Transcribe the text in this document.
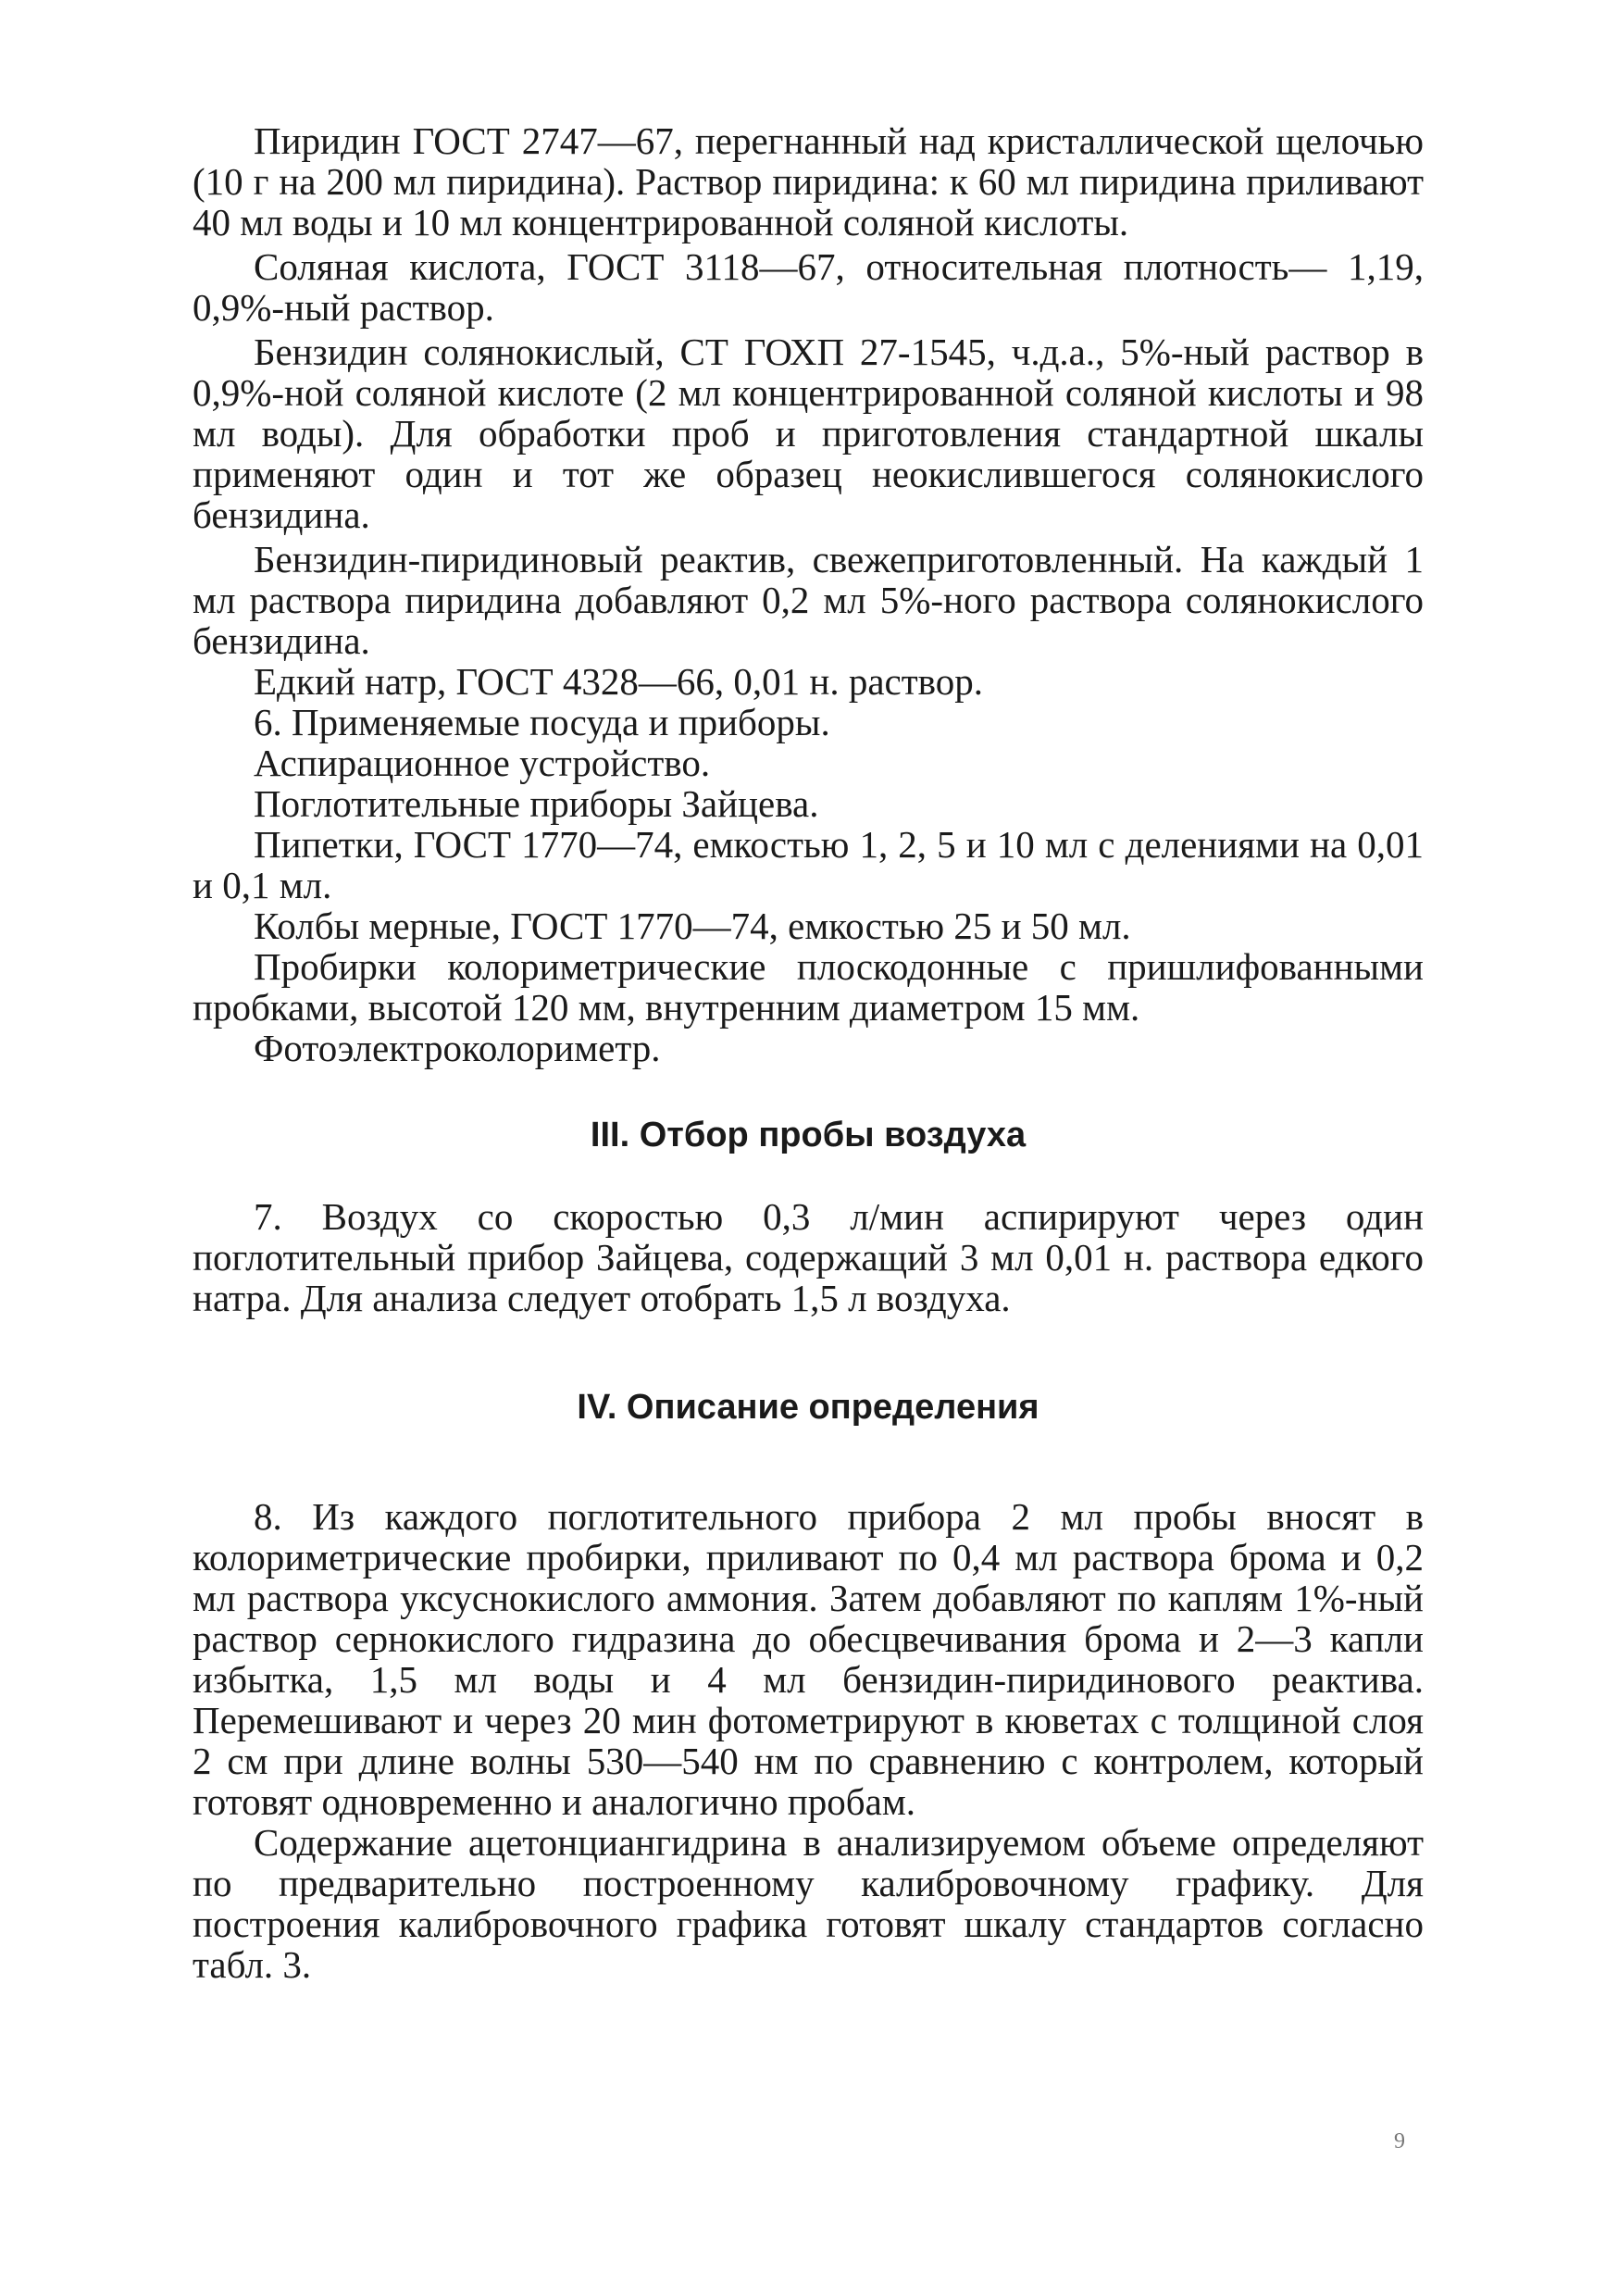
Пиридин ГОСТ 2747—67, перегнанный над кристаллической щелочью (10 г на 200 мл пиридина). Раствор пиридина: к 60 мл пиридина приливают 40 мл воды и 10 мл концентрированной соляной кислоты.

Соляная кислота, ГОСТ 3118—67, относительная плотность— 1,19, 0,9%-ный раствор.

Бензидин солянокислый, СТ ГОХП 27-1545, ч.д.а., 5%-ный раствор в 0,9%-ной соляной кислоте (2 мл концентрированной соляной кислоты и 98 мл воды). Для обработки проб и приготовления стандартной шкалы применяют один и тот же образец неокислившегося солянокислого бензидина.

Бензидин-пиридиновый реактив, свежеприготовленный. На каждый 1 мл раствора пиридина добавляют 0,2 мл 5%-ного раствора солянокислого бензидина.

Едкий натр, ГОСТ 4328—66, 0,01 н. раствор.

6. Применяемые посуда и приборы.

Аспирационное устройство.

Поглотительные приборы Зайцева.

Пипетки, ГОСТ 1770—74, емкостью 1, 2, 5 и 10 мл с делениями на 0,01 и 0,1 мл.

Колбы мерные, ГОСТ 1770—74, емкостью 25 и 50 мл.

Пробирки колориметрические плоскодонные с пришлифованными пробками, высотой 120 мм, внутренним диаметром 15 мм.

Фотоэлектроколориметр.

III. Отбор пробы воздуха

7. Воздух со скоростью 0,3 л/мин аспирируют через один поглотительный прибор Зайцева, содержащий 3 мл 0,01 н. раствора едкого натра. Для анализа следует отобрать 1,5 л воздуха.

IV. Описание определения

8. Из каждого поглотительного прибора 2 мл пробы вносят в колориметрические пробирки, приливают по 0,4 мл раствора брома и 0,2 мл раствора уксуснокислого аммония. Затем добавляют по каплям 1%-ный раствор сернокислого гидразина до обесцвечивания брома и 2—3 капли избытка, 1,5 мл воды и 4 мл бензидин-пиридинового реактива. Перемешивают и через 20 мин фотометрируют в кюветах с толщиной слоя 2 см при длине волны 530—540 нм по сравнению с контролем, который готовят одновременно и аналогично пробам.

Содержание ацетонциангидрина в анализируемом объеме определяют по предварительно построенному калибровочному графику. Для построения калибровочного графика готовят шкалу стандартов согласно табл. 3.

9
